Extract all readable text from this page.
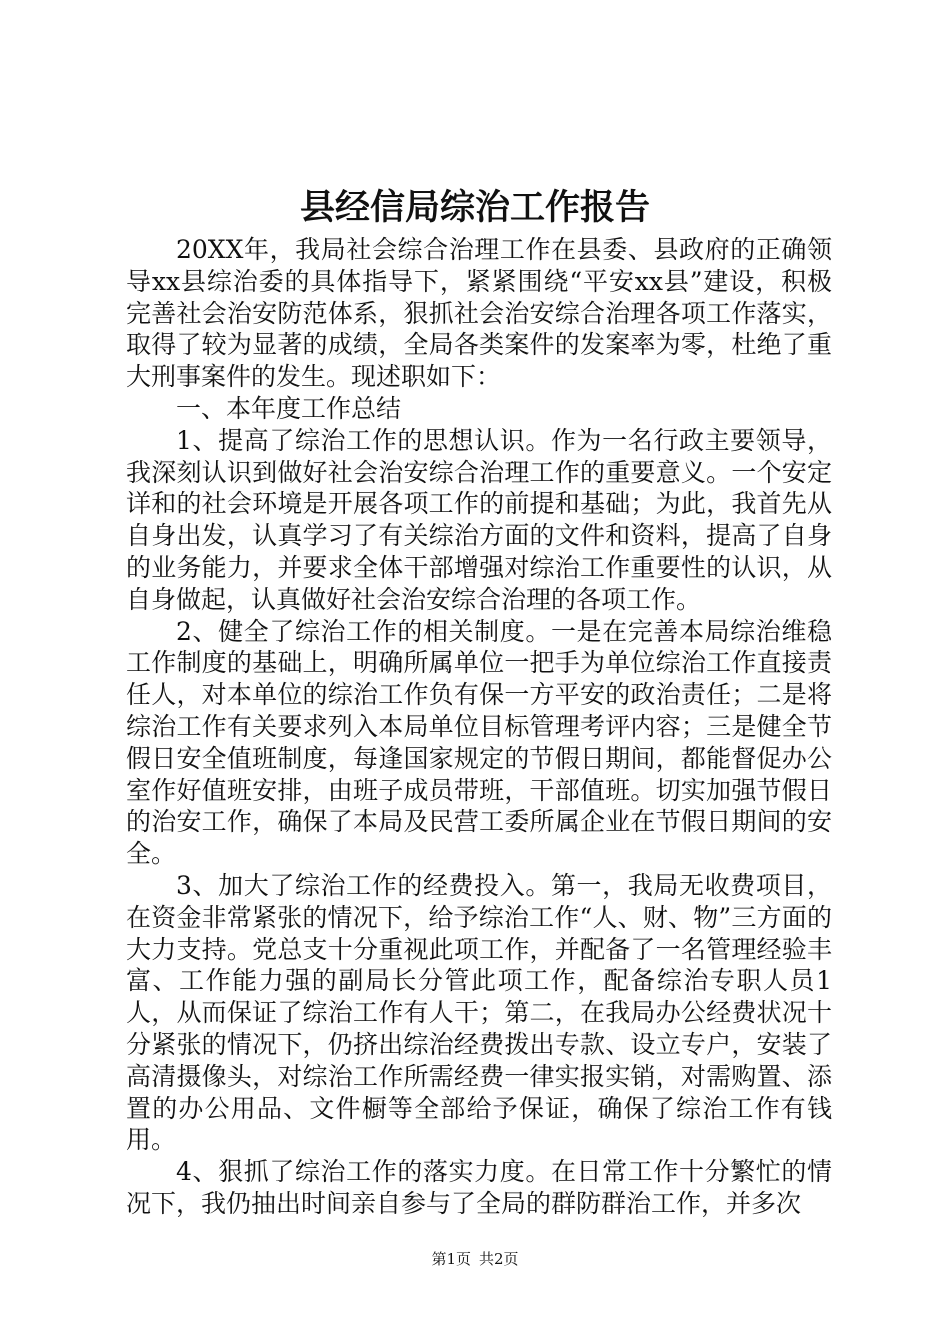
县经信局综治工作报告

20XX年，我局社会综合治理工作在县委、县政府的正确领导xx县综治委的具体指导下，紧紧围绕“平安xx县”建设，积极完善社会治安防范体系，狠抓社会治安综合治理各项工作落实，取得了较为显著的成绩，全局各类案件的发案率为零，杜绝了重大刑事案件的发生。现述职如下：

一、本年度工作总结

1、提高了综治工作的思想认识。作为一名行政主要领导，我深刻认识到做好社会治安综合治理工作的重要意义。一个安定详和的社会环境是开展各项工作的前提和基础；为此，我首先从自身出发，认真学习了有关综治方面的文件和资料，提高了自身的业务能力，并要求全体干部增强对综治工作重要性的认识，从自身做起，认真做好社会治安综合治理的各项工作。

2、健全了综治工作的相关制度。一是在完善本局综治维稳工作制度的基础上，明确所属单位一把手为单位综治工作直接责任人，对本单位的综治工作负有保一方平安的政治责任；二是将综治工作有关要求列入本局单位目标管理考评内容；三是健全节假日安全值班制度，每逢国家规定的节假日期间，都能督促办公室作好值班安排，由班子成员带班，干部值班。切实加强节假日的治安工作，确保了本局及民营工委所属企业在节假日期间的安全。

3、加大了综治工作的经费投入。第一，我局无收费项目，在资金非常紧张的情况下，给予综治工作“人、财、物”三方面的大力支持。党总支十分重视此项工作，并配备了一名管理经验丰富、工作能力强的副局长分管此项工作，配备综治专职人员1人，从而保证了综治工作有人干；第二，在我局办公经费状况十分紧张的情况下，仍挤出综治经费拨出专款、设立专户，安装了高清摄像头，对综治工作所需经费一律实报实销，对需购置、添置的办公用品、文件橱等全部给予保证，确保了综治工作有钱用。

4、狠抓了综治工作的落实力度。在日常工作十分繁忙的情况下，我仍抽出时间亲自参与了全局的群防群治工作，并多次

第1页 共2页
